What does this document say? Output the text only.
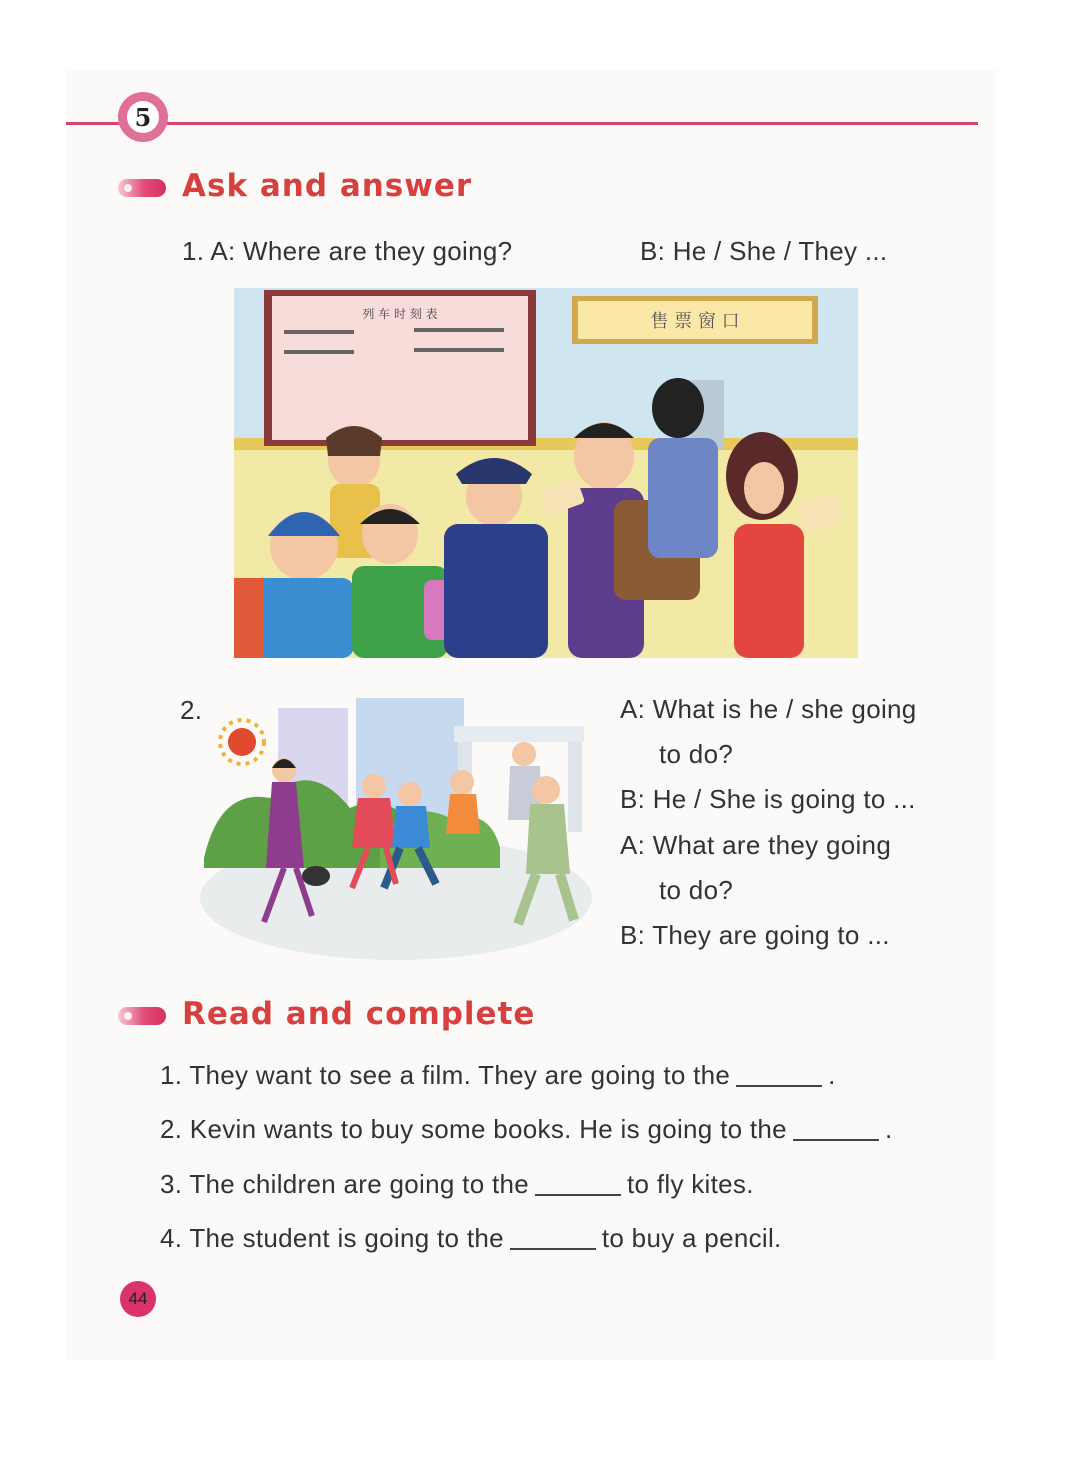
5
Ask and answer
1. A: Where are they going?	B: He / She / They ...
列 车 时 刻 表	售 票 窗 口
2.	A: What is he / she going
to do?
B: He / She is going to ...
A: What are they going
to do?
B: They are going to ...
Read and complete
1. They want to see a film. They are going to the	.
2. Kevin wants to buy some books. He is going to the	.
3. The children are going to the	to fly kites.
4. The student is going to the	to buy a pencil.
44
